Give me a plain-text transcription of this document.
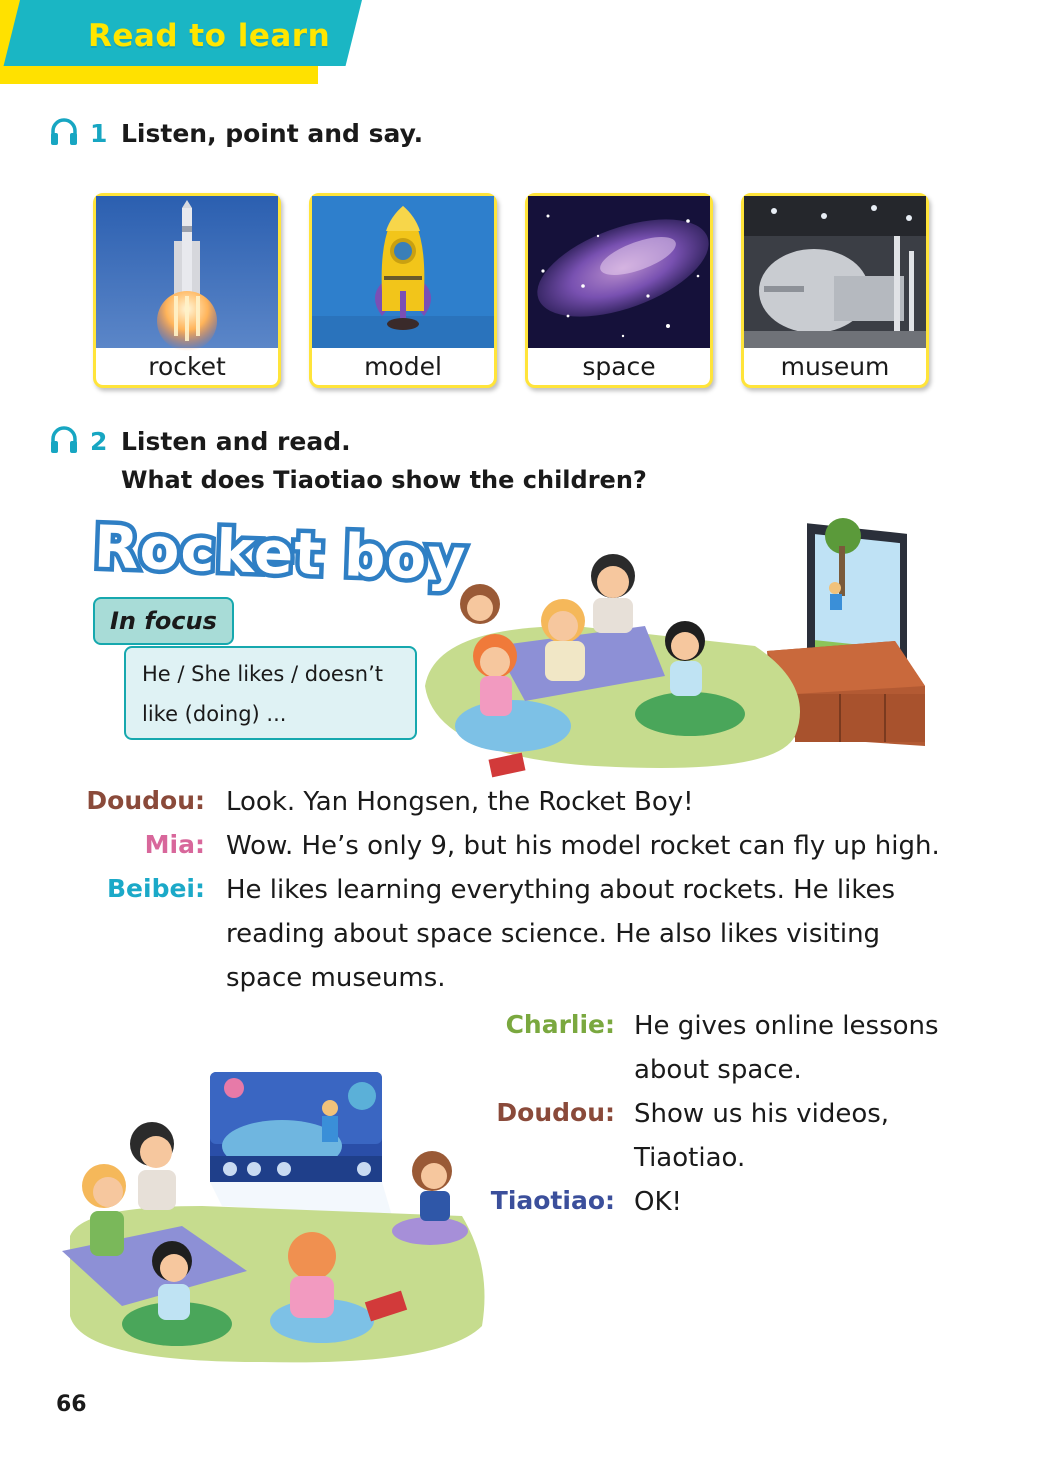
Read to learn
1 Listen, point and say.
rocket	model	space	museum
2 Listen and read.
What does Tiaotiao show the children?
Rocket boy
In focus
He / She likes / doesn’t
like (doing) ...
Doudou: Look. Yan Hongsen, the Rocket Boy!
Mia: Wow. He’s only 9, but his model rocket can fly up high.
Beibei: He likes learning everything about rockets. He likes
reading about space science. He also likes visiting
space museums.
Charlie: He gives online lessons
about space.
Doudou: Show us his videos,
Tiaotiao.
Tiaotiao: OK!
66
